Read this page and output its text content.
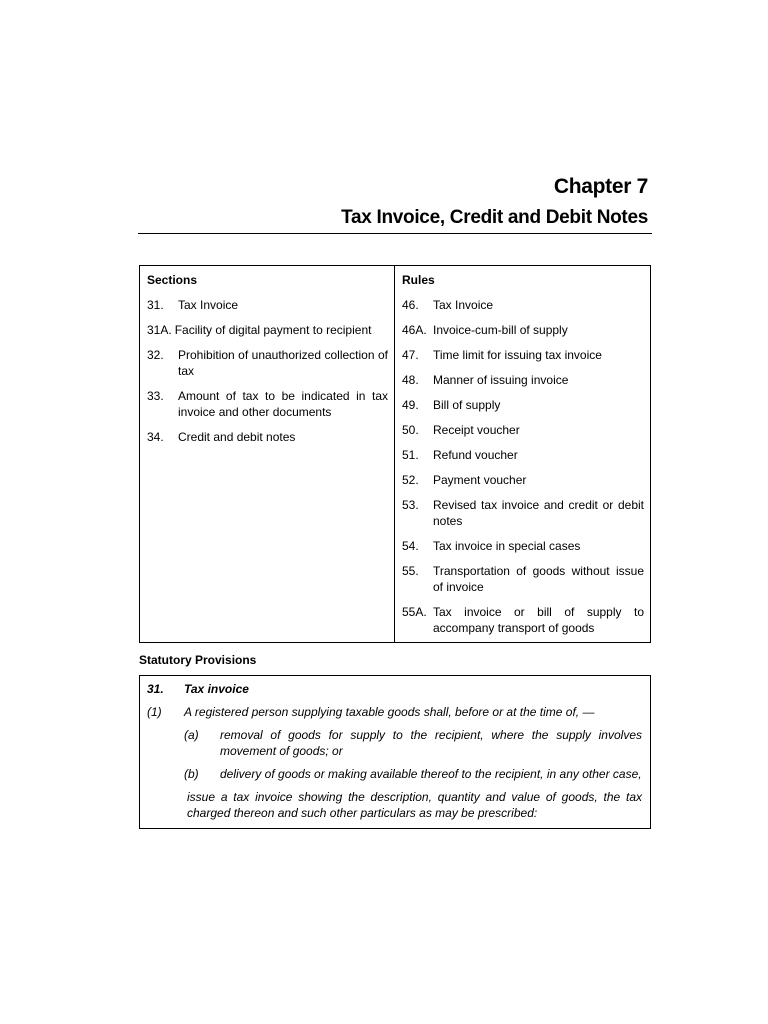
Chapter 7
Tax Invoice, Credit and Debit Notes
Sections
31.	Tax Invoice
31A. Facility of digital payment to recipient
32.	Prohibition of unauthorized collection of tax
33.	Amount of tax to be indicated in tax invoice and other documents
34.	Credit and debit notes
Rules
46.	Tax Invoice
46A. Invoice-cum-bill of supply
47.	Time limit for issuing tax invoice
48.	Manner of issuing invoice
49.	Bill of supply
50.	Receipt voucher
51.	Refund voucher
52.	Payment voucher
53.	Revised tax invoice and credit or debit notes
54.	Tax invoice in special cases
55.	Transportation of goods without issue of invoice
55A. Tax invoice or bill of supply to accompany transport of goods
Statutory Provisions
31.	Tax invoice
(1)	A registered person supplying taxable goods shall, before or at the time of, —
(a)	removal of goods for supply to the recipient, where the supply involves movement of goods; or
(b)	delivery of goods or making available thereof to the recipient, in any other case,
issue a tax invoice showing the description, quantity and value of goods, the tax charged thereon and such other particulars as may be prescribed:
